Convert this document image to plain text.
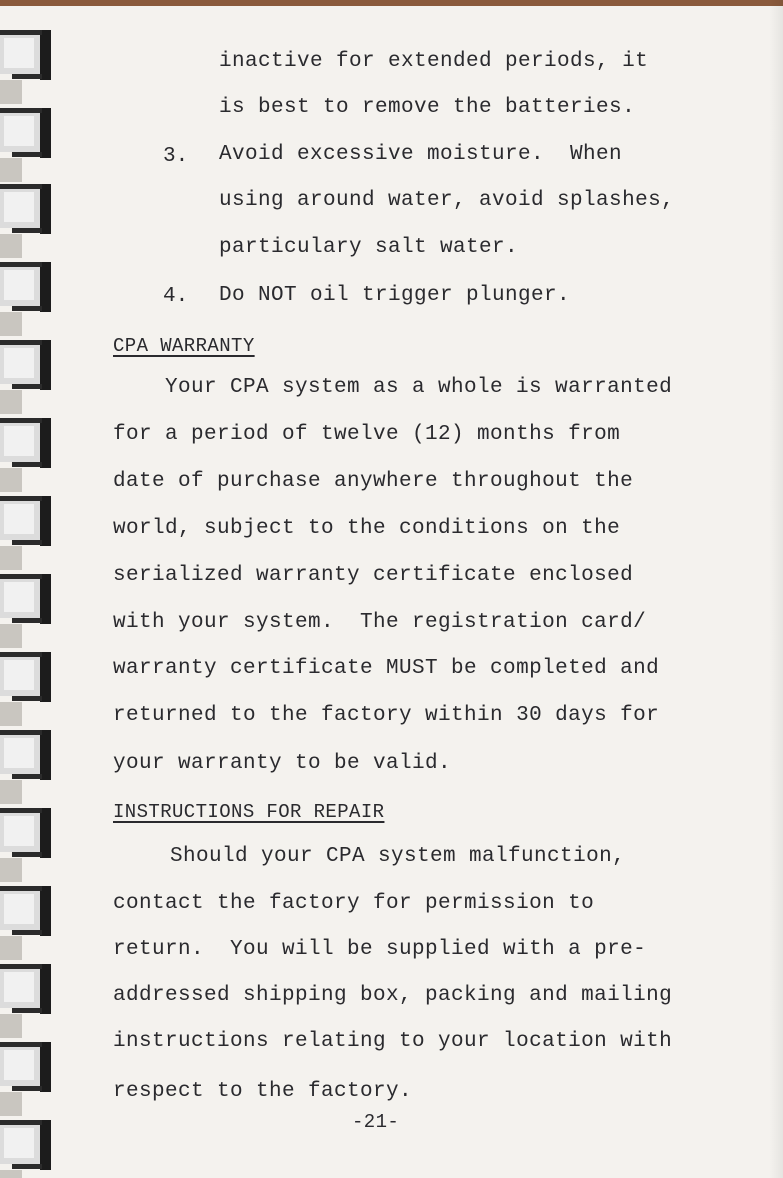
inactive for extended periods, it
is best to remove the batteries.
3. Avoid excessive moisture.  When
using around water, avoid splashes,
particulary salt water.
4. Do NOT oil trigger plunger.
CPA WARRANTY
Your CPA system as a whole is warranted
for a period of twelve (12) months from
date of purchase anywhere throughout the
world, subject to the conditions on the
serialized warranty certificate enclosed
with your system.  The registration card/
warranty certificate MUST be completed and
returned to the factory within 30 days for
your warranty to be valid.
INSTRUCTIONS FOR REPAIR
Should your CPA system malfunction,
contact the factory for permission to
return.  You will be supplied with a pre-
addressed shipping box, packing and mailing
instructions relating to your location with
respect to the factory.
-21-
